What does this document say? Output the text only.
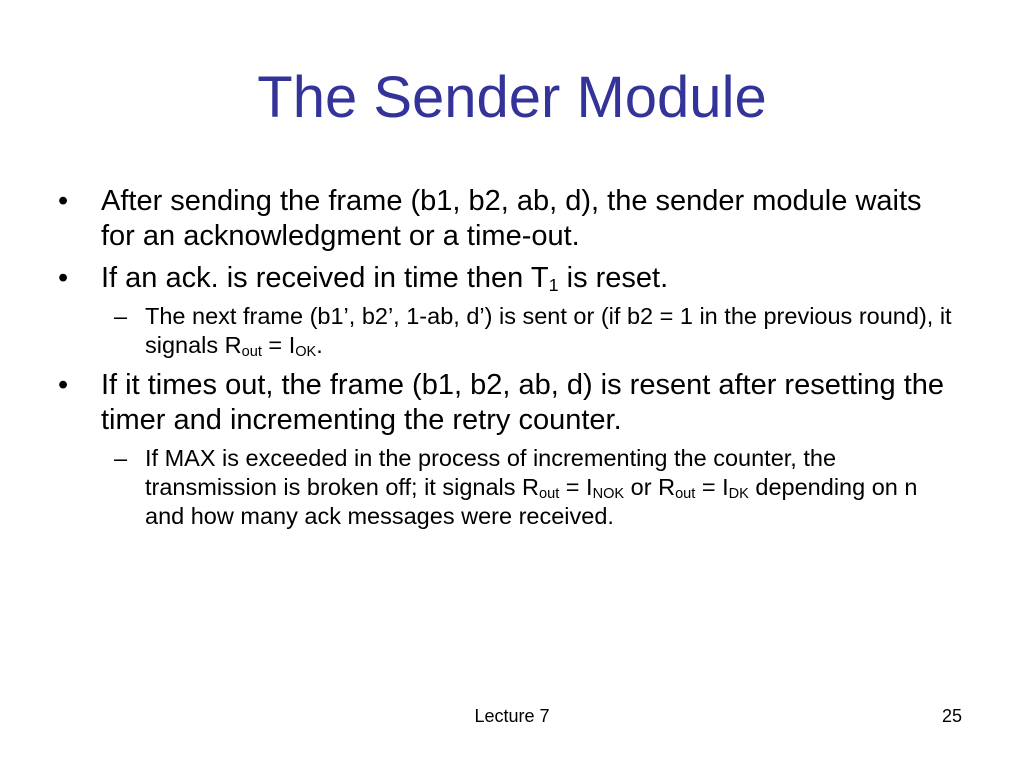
The Sender Module
• After sending the frame (b1, b2, ab, d), the sender module waits for an acknowledgment or a time-out.
• If an ack. is received in time then $T_1$ is reset.
– The next frame (b1’, b2’, 1-ab, d’) is sent or (if b2 = 1 in the previous round), it signals $R_{out} = I_{OK}$.
• If it times out, the frame (b1, b2, ab, d) is resent after resetting the timer and incrementing the retry counter.
– If MAX is exceeded in the process of incrementing the counter, the transmission is broken off; it signals $R_{out} = I_{NOK}$ or $R_{out} = I_{DK}$ depending on n and how many ack messages were received.
Lecture 7	25
